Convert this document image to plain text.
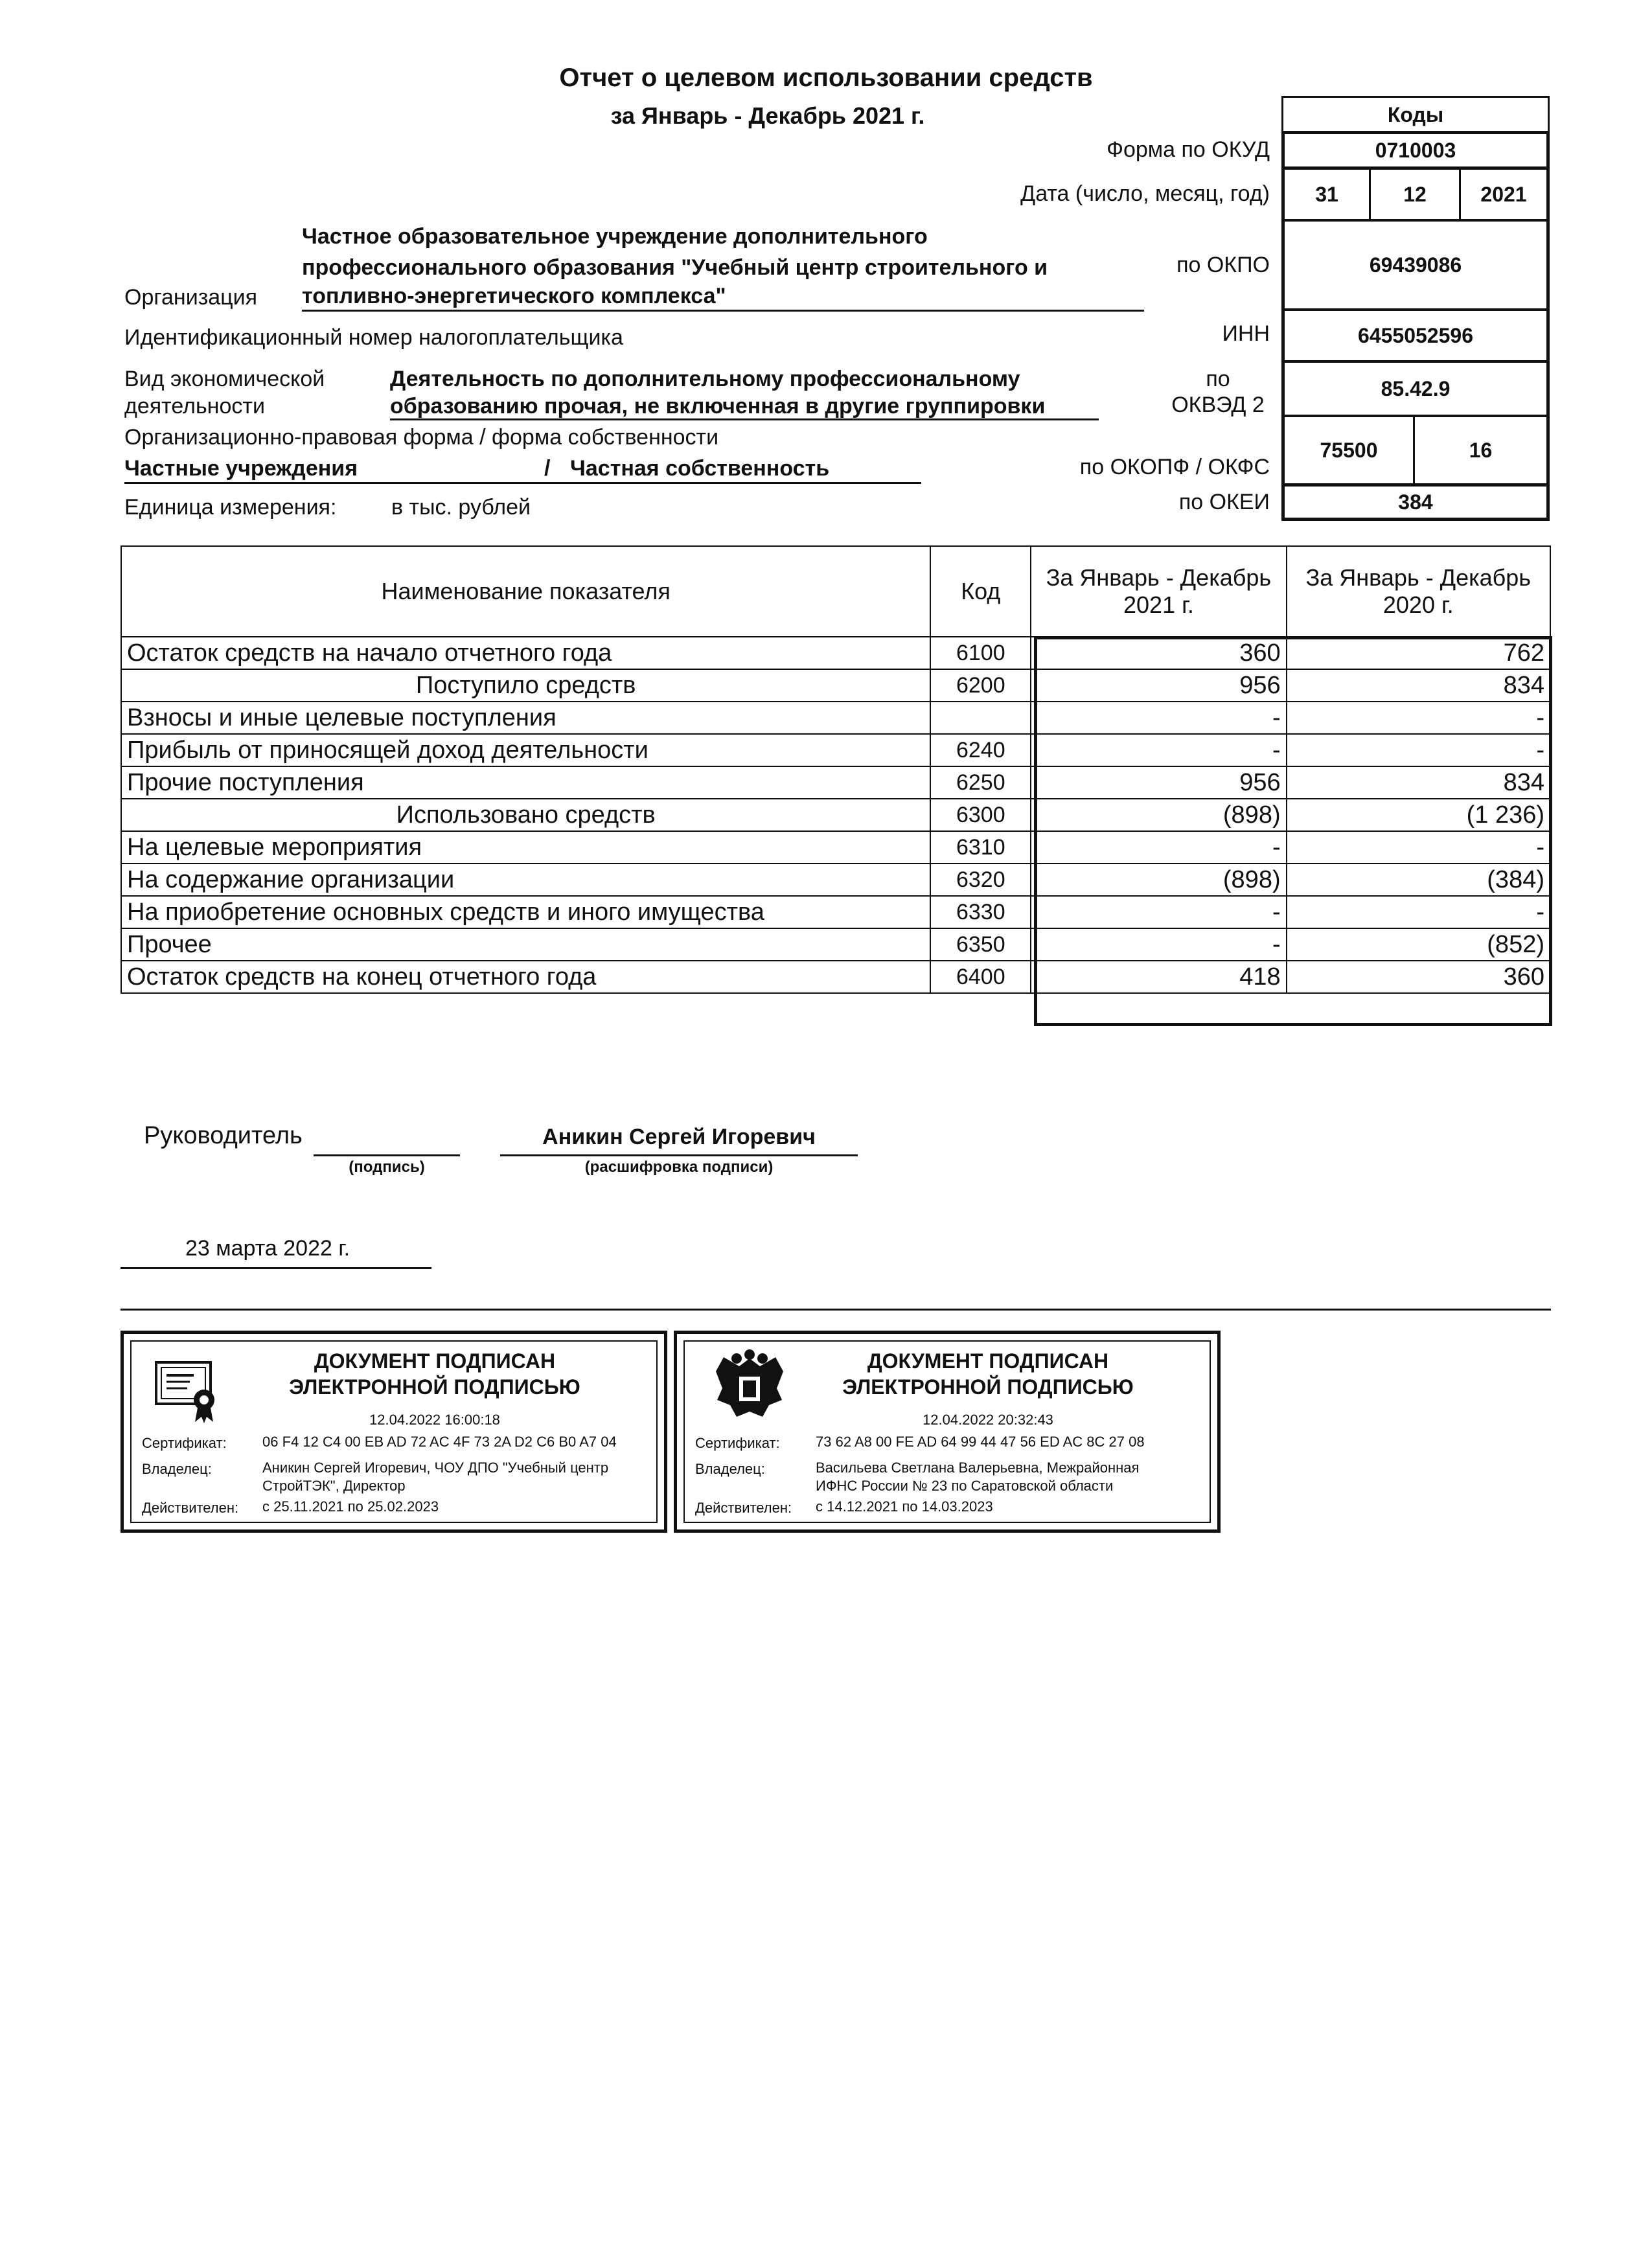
Отчет о целевом использовании средств
за Январь - Декабрь 2021 г.	Коды
Форма по ОКУД	0710003
Дата (число, месяц, год)	31	12	2021
по ОКПО	69439086
ИНН	6455052596
по
ОКВЭД 2
85.42.9
по ОКОПФ / ОКФС
75500	16
по ОКЕИ	384
Частное образовательное учреждение дополнительного
профессионального образования "Учебный центр строительного и
Организация топливно-энергетического комплекса"
Идентификационный номер налогоплательщика
Вид экономической
деятельности
Деятельность по дополнительному профессиональному
образованию прочая, не включенная в другие группировки
Организационно-правовая форма / форма собственности
Частные учреждения	/ Частная собственность
Единица измерения: в тыс. рублей
Наименование показателя	Код	За Январь - Декабрь 2021 г.	За Январь - Декабрь 2020 г.
Остаток средств на начало отчетного года	6100	360	762
Поступило средств	6200	956	834
Взносы и иные целевые поступления		-	-
Прибыль от приносящей доход деятельности	6240	-	-
Прочие поступления	6250	956	834
Использовано средств	6300	(898)	(1 236)
На целевые мероприятия	6310	-	-
На содержание организации	6320	(898)	(384)
На приобретение основных средств и иного имущества	6330	-	-
Прочее	6350	-	(852)
Остаток средств на конец отчетного года	6400	418	360
Руководитель
(подпись)
Аникин Сергей Игоревич
(расшифровка подписи)
23 марта 2022 г.
ДОКУМЕНТ ПОДПИСАН
ЭЛЕКТРОННОЙ ПОДПИСЬЮ
12.04.2022 16:00:18
Сертификат:	06 F4 12 C4 00 EB AD 72 AC 4F 73 2A D2 C6 B0 A7 04
Владелец:	Аникин Сергей Игоревич, ЧОУ ДПО "Учебный центр
СтройТЭК", Директор
Действителен: с 25.11.2021 по 25.02.2023
ДОКУМЕНТ ПОДПИСАН
ЭЛЕКТРОННОЙ ПОДПИСЬЮ
12.04.2022 20:32:43
Сертификат:	73 62 A8 00 FE AD 64 99 44 47 56 ED AC 8C 27 08
Владелец:	Васильева Светлана Валерьевна, Межрайонная
ИФНС России № 23 по Саратовской области
Действителен: с 14.12.2021 по 14.03.2023
